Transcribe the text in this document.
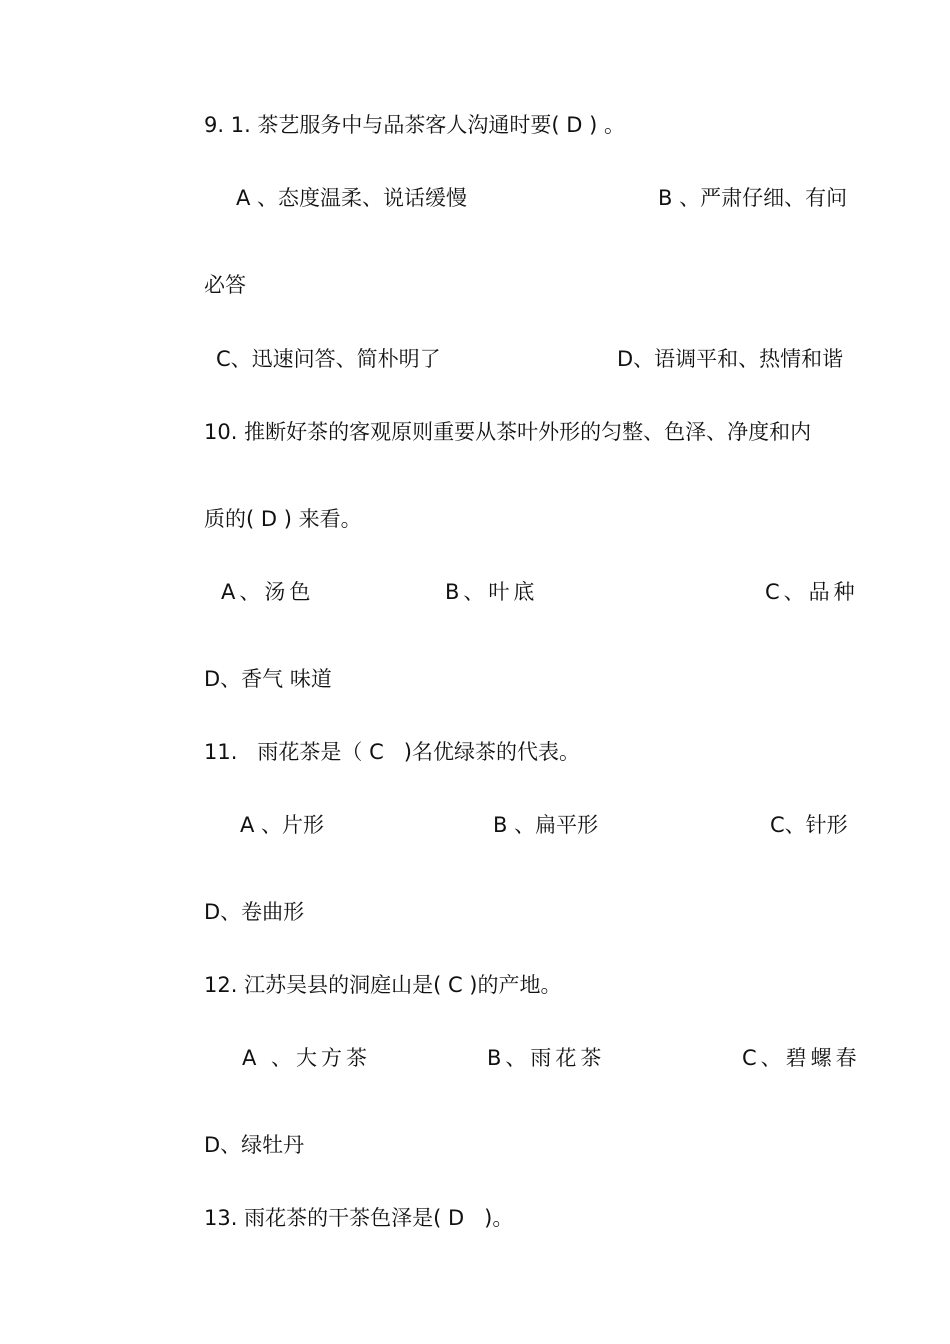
9. 1. 茶艺服务中与品茶客人沟通时要( D ) 。
A 、态度温柔、说话缓慢	B 、严肃仔细、有问
必答
C、迅速问答、简朴明了	D、语调平和、热情和谐
10. 推断好茶的客观原则重要从茶叶外形的匀整、色泽、净度和内
质的( D ) 来看。
A、汤色	B、叶底	C、品种
D、香气 味道
11.   雨花茶是（ C   )名优绿茶的代表。
A 、片形	B 、扁平形	C、针形
D、卷曲形
12. 江苏吴县的洞庭山是( C )的产地。
A 、大方茶	B、雨花茶	C、碧螺春
D、绿牡丹
13. 雨花茶的干茶色泽是( D   )。
